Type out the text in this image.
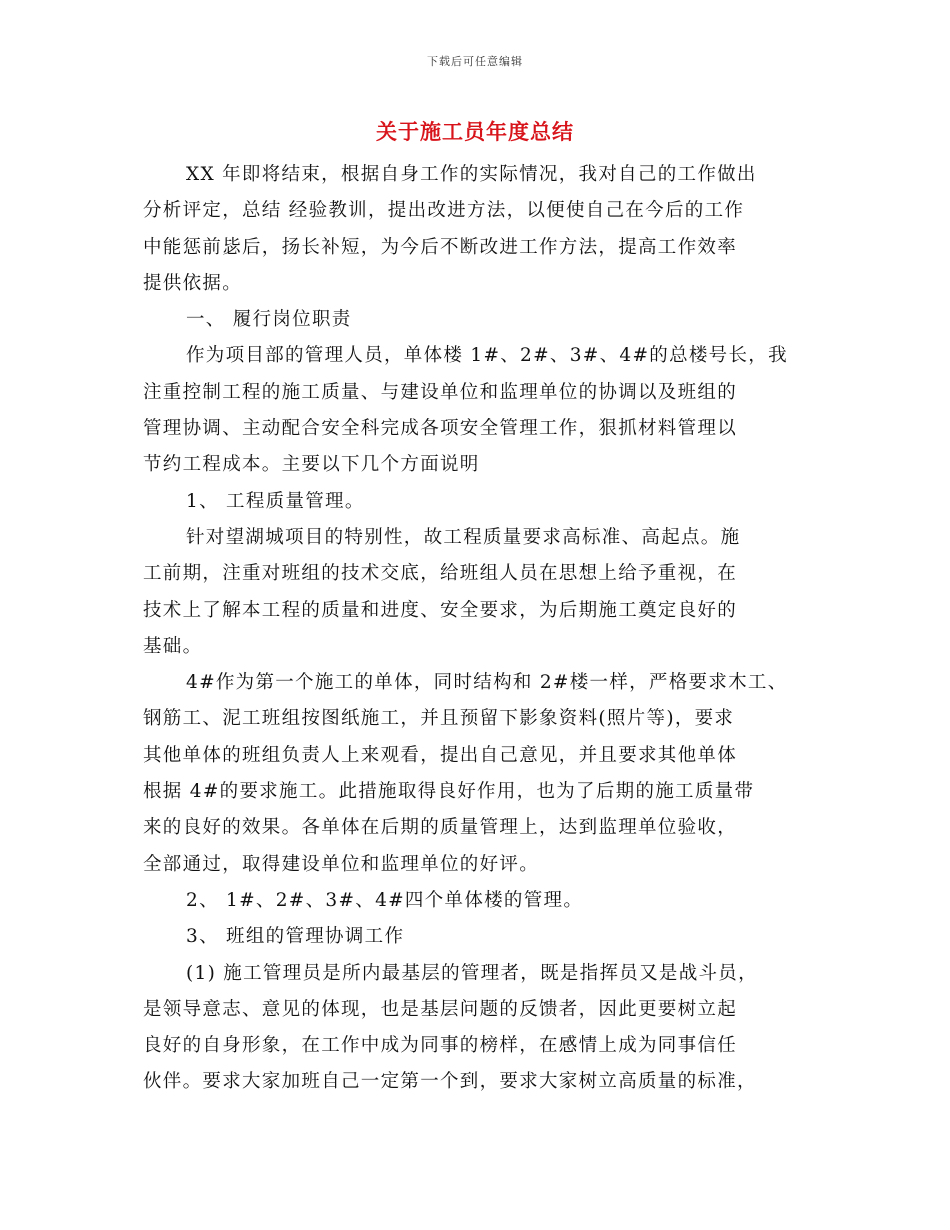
下载后可任意编辑
关于施工员年度总结
XX 年即将结束，根据自身工作的实际情况，我对自己的工作做出
分析评定，总结 经验教训，提出改进方法，以便使自己在今后的工作
中能惩前毖后，扬长补短，为今后不断改进工作方法，提高工作效率
提供依据。
一、 履行岗位职责
作为项目部的管理人员，单体楼 1#、2#、3#、4#的总楼号长，我
注重控制工程的施工质量、与建设单位和监理单位的协调以及班组的
管理协调、主动配合安全科完成各项安全管理工作，狠抓材料管理以
节约工程成本。主要以下几个方面说明
1、 工程质量管理。
针对望湖城项目的特别性，故工程质量要求高标准、高起点。施
工前期，注重对班组的技术交底，给班组人员在思想上给予重视，在
技术上了解本工程的质量和进度、安全要求，为后期施工奠定良好的
基础。
4#作为第一个施工的单体，同时结构和 2#楼一样，严格要求木工、
钢筋工、泥工班组按图纸施工，并且预留下影象资料(照片等)，要求
其他单体的班组负责人上来观看，提出自己意见，并且要求其他单体
根据 4#的要求施工。此措施取得良好作用，也为了后期的施工质量带
来的良好的效果。各单体在后期的质量管理上，达到监理单位验收，
全部通过，取得建设单位和监理单位的好评。
2、 1#、2#、3#、4#四个单体楼的管理。
3、 班组的管理协调工作
(1) 施工管理员是所内最基层的管理者，既是指挥员又是战斗员，
是领导意志、意见的体现，也是基层问题的反馈者，因此更要树立起
良好的自身形象，在工作中成为同事的榜样，在感情上成为同事信任
伙伴。要求大家加班自己一定第一个到，要求大家树立高质量的标准，
